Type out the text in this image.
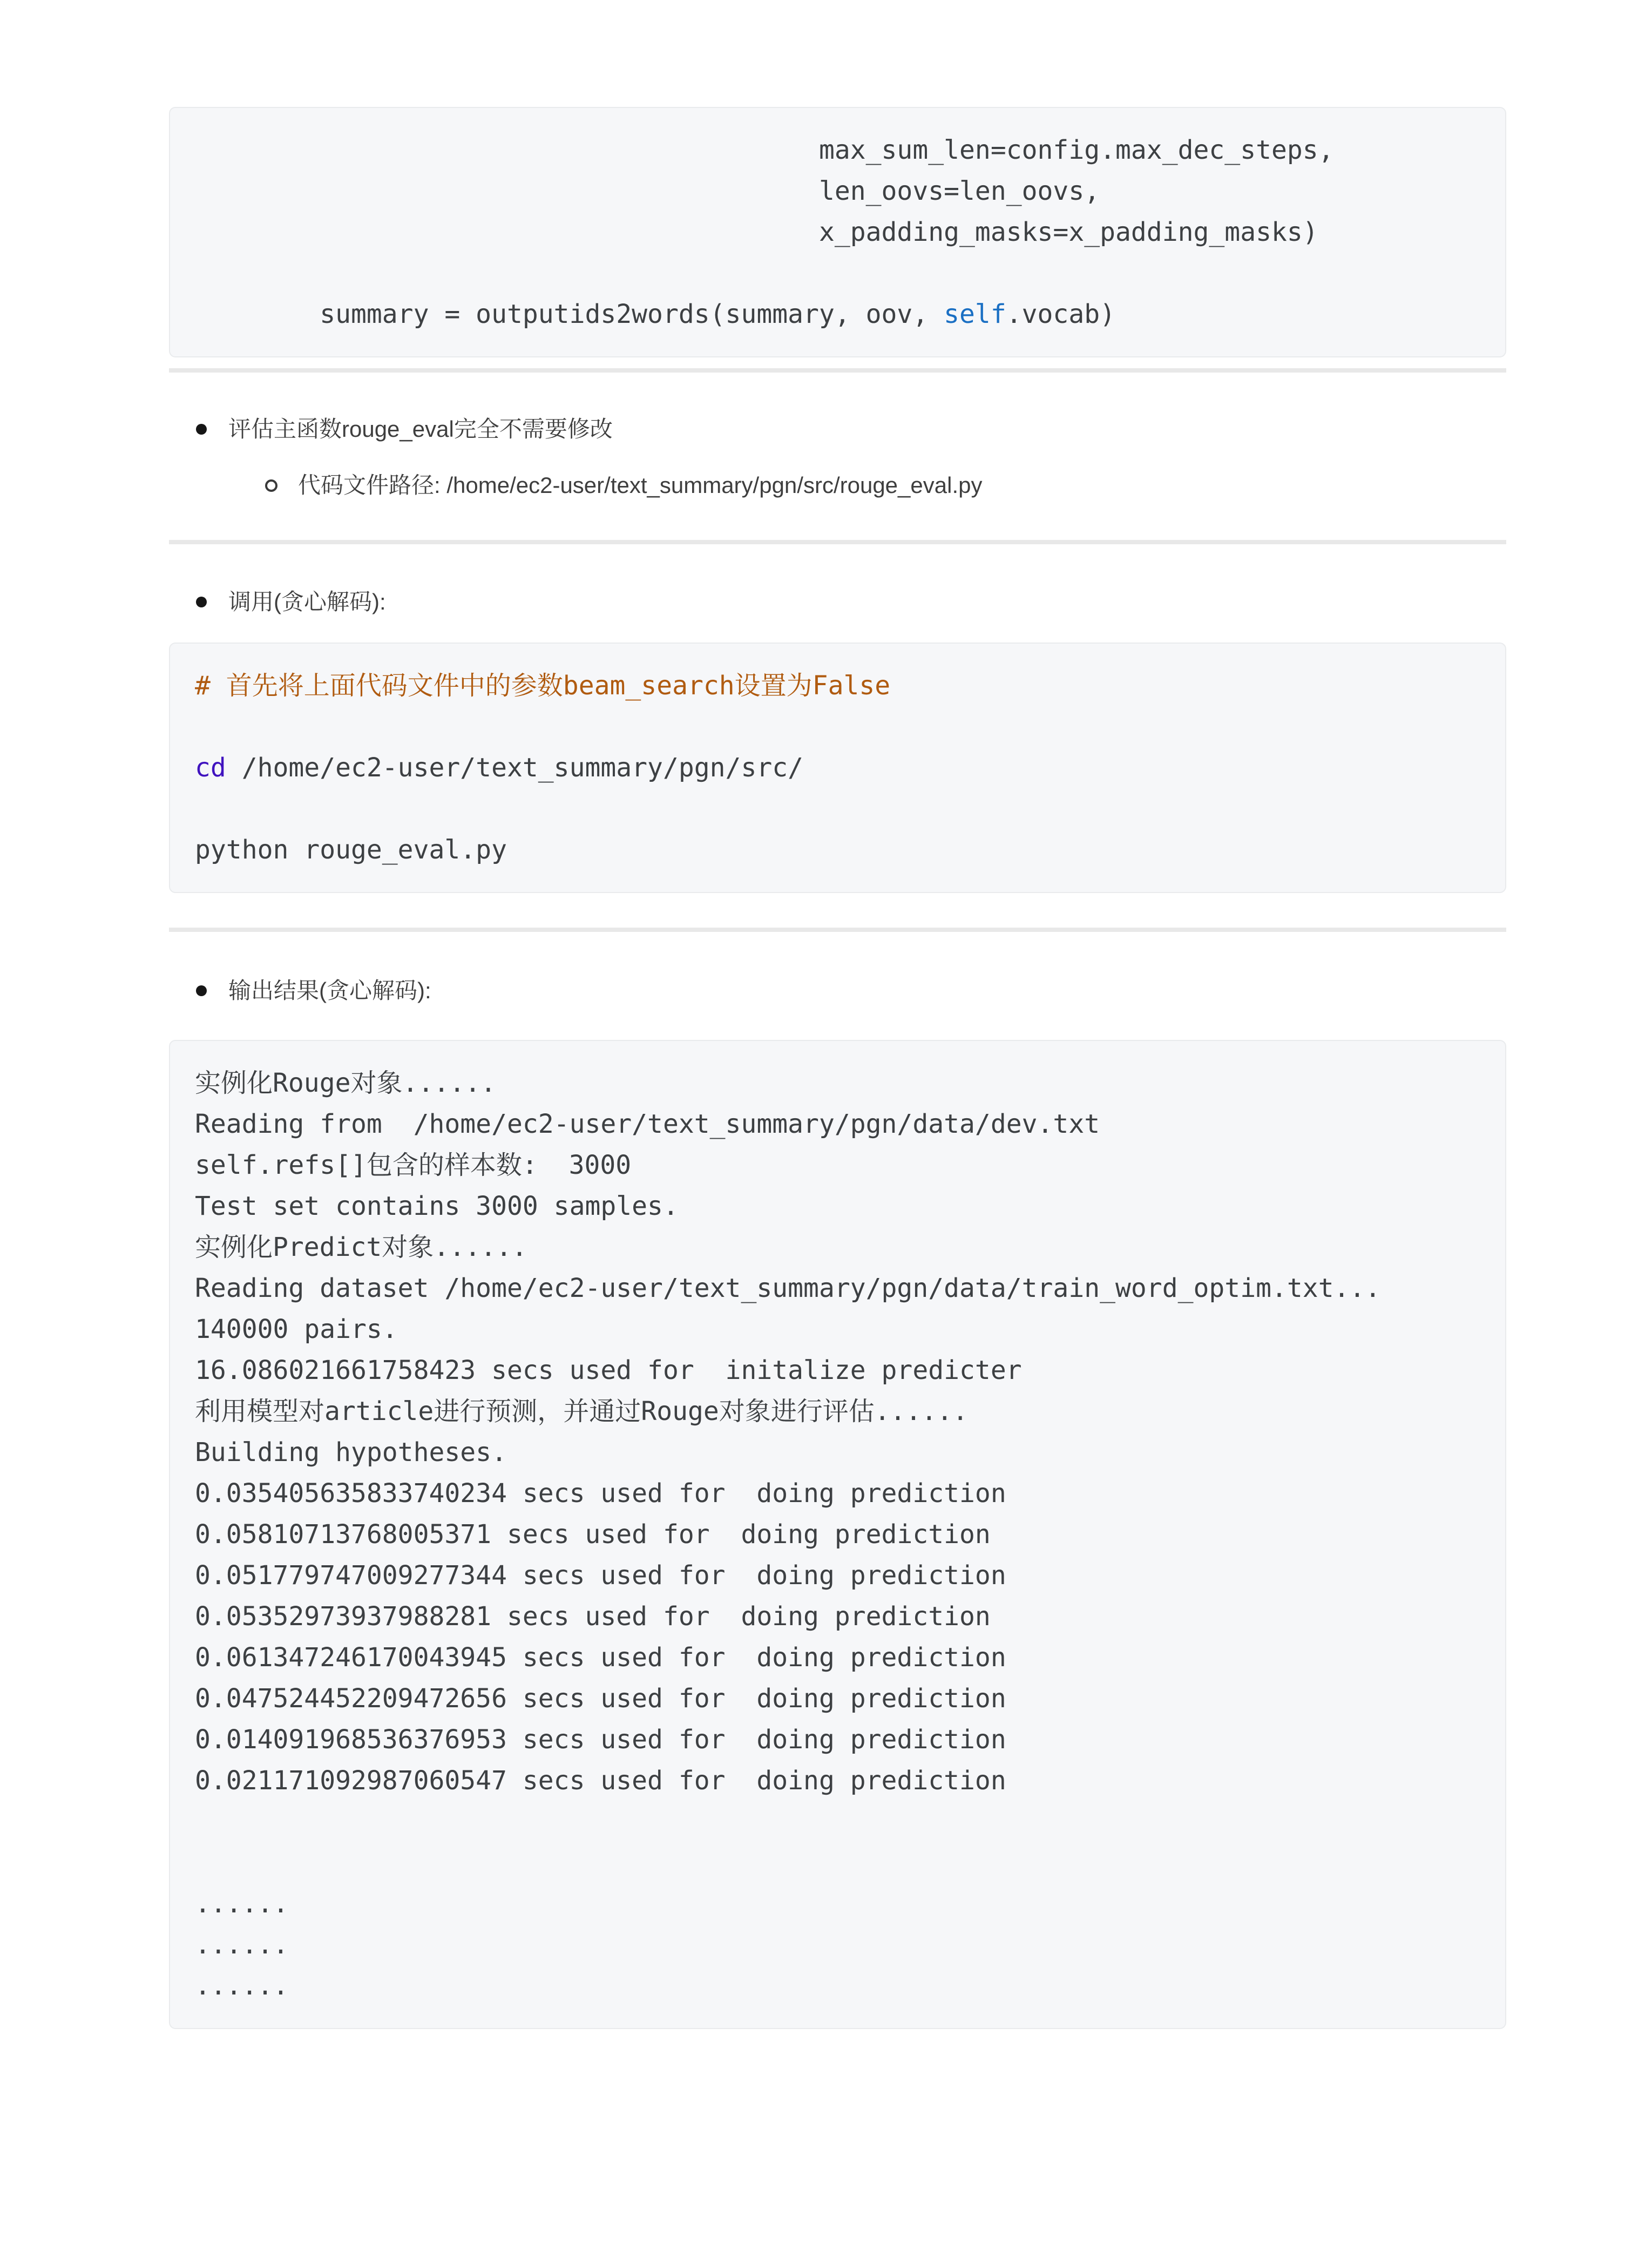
max_sum_len=config.max_dec_steps,
len_oovs=len_oovs,
x_padding_masks=x_padding_masks)

summary = outputids2words(summary, oov, self.vocab)
评估主函数rouge_eval完全不需要修改
代码文件路径: /home/ec2-user/text_summary/pgn/src/rouge_eval.py
调用(贪心解码):
# 首先将上面代码文件中的参数beam_search设置为False

cd /home/ec2-user/text_summary/pgn/src/

python rouge_eval.py
输出结果(贪心解码):
实例化Rouge对象......
Reading from  /home/ec2-user/text_summary/pgn/data/dev.txt
self.refs[]包含的样本数:  3000
Test set contains 3000 samples.
实例化Predict对象......
Reading dataset /home/ec2-user/text_summary/pgn/data/train_word_optim.txt...
140000 pairs.
16.086021661758423 secs used for  initalize predicter
利用模型对article进行预测，并通过Rouge对象进行评估......
Building hypotheses.
0.035405635833740234 secs used for  doing prediction
0.05810713768005371 secs used for  doing prediction
0.051779747009277344 secs used for  doing prediction
0.05352973937988281 secs used for  doing prediction
0.061347246170043945 secs used for  doing prediction
0.047524452209472656 secs used for  doing prediction
0.014091968536376953 secs used for  doing prediction
0.021171092987060547 secs used for  doing prediction

......
......
......
